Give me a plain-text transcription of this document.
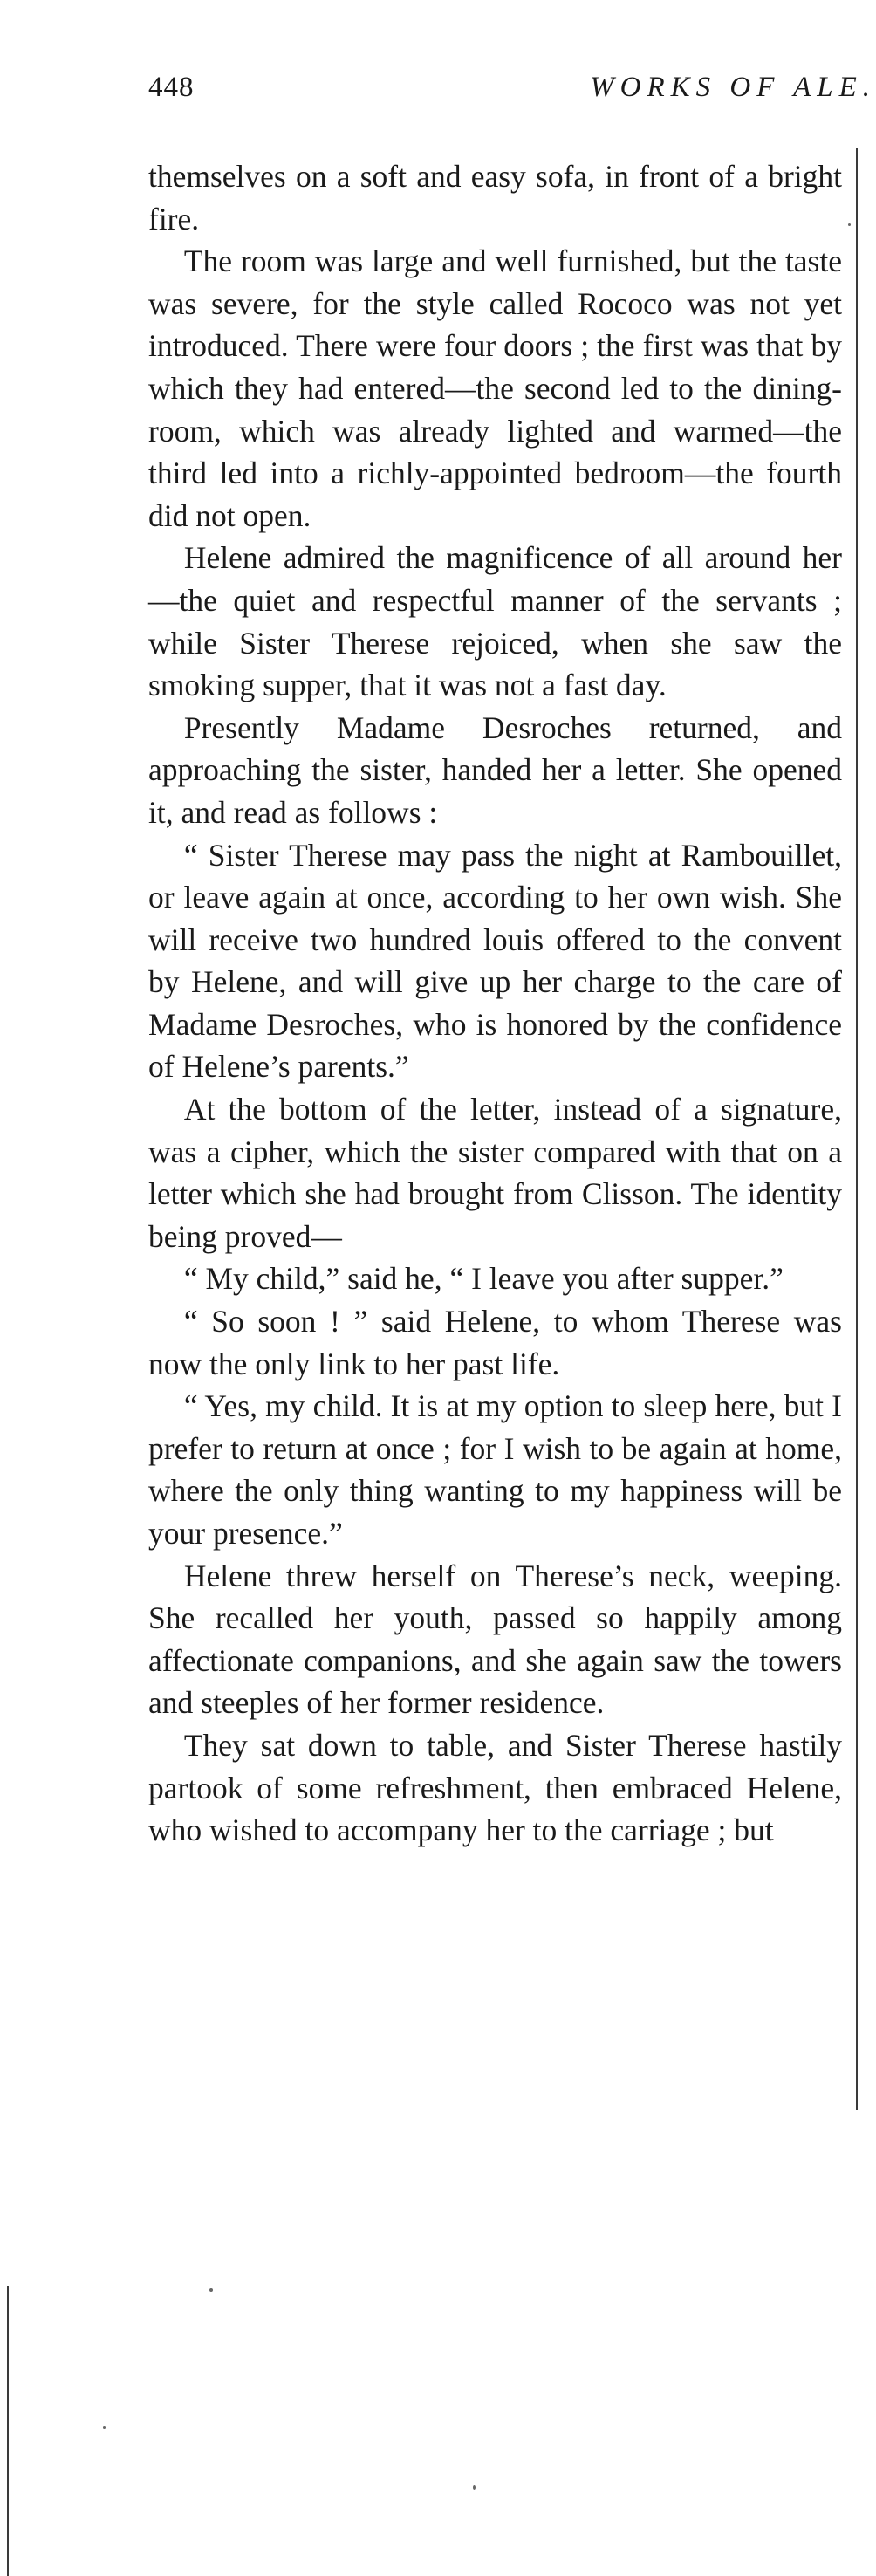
448	WORKS OF ALE.

themselves on a soft and easy sofa, in front of a bright fire.

The room was large and well furnished, but the taste was severe, for the style called Rococo was not yet introduced. There were four doors ; the first was that by which they had entered—the second led to the dining-room, which was already lighted and warmed—the third led into a richly-appointed bedroom—the fourth did not open.

Helene admired the magnificence of all around her—the quiet and respectful manner of the servants ; while Sister Therese rejoiced, when she saw the smoking supper, that it was not a fast day.

Presently Madame Desroches returned, and approaching the sister, handed her a letter. She opened it, and read as follows :

“ Sister Therese may pass the night at Rambouillet, or leave again at once, according to her own wish. She will receive two hundred louis offered to the convent by Helene, and will give up her charge to the care of Madame Desroches, who is honored by the confidence of Helene’s parents.”

At the bottom of the letter, instead of a signature, was a cipher, which the sister compared with that on a letter which she had brought from Clisson. The identity being proved—

“ My child,” said he, “ I leave you after supper.”

“ So soon ! ” said Helene, to whom Therese was now the only link to her past life.

“ Yes, my child. It is at my option to sleep here, but I prefer to return at once ; for I wish to be again at home, where the only thing wanting to my happiness will be your presence.”

Helene threw herself on Therese’s neck, weeping. She recalled her youth, passed so happily among affectionate companions, and she again saw the towers and steeples of her former residence.

They sat down to table, and Sister Therese hastily partook of some refreshment, then embraced Helene, who wished to accompany her to the carriage ; but
